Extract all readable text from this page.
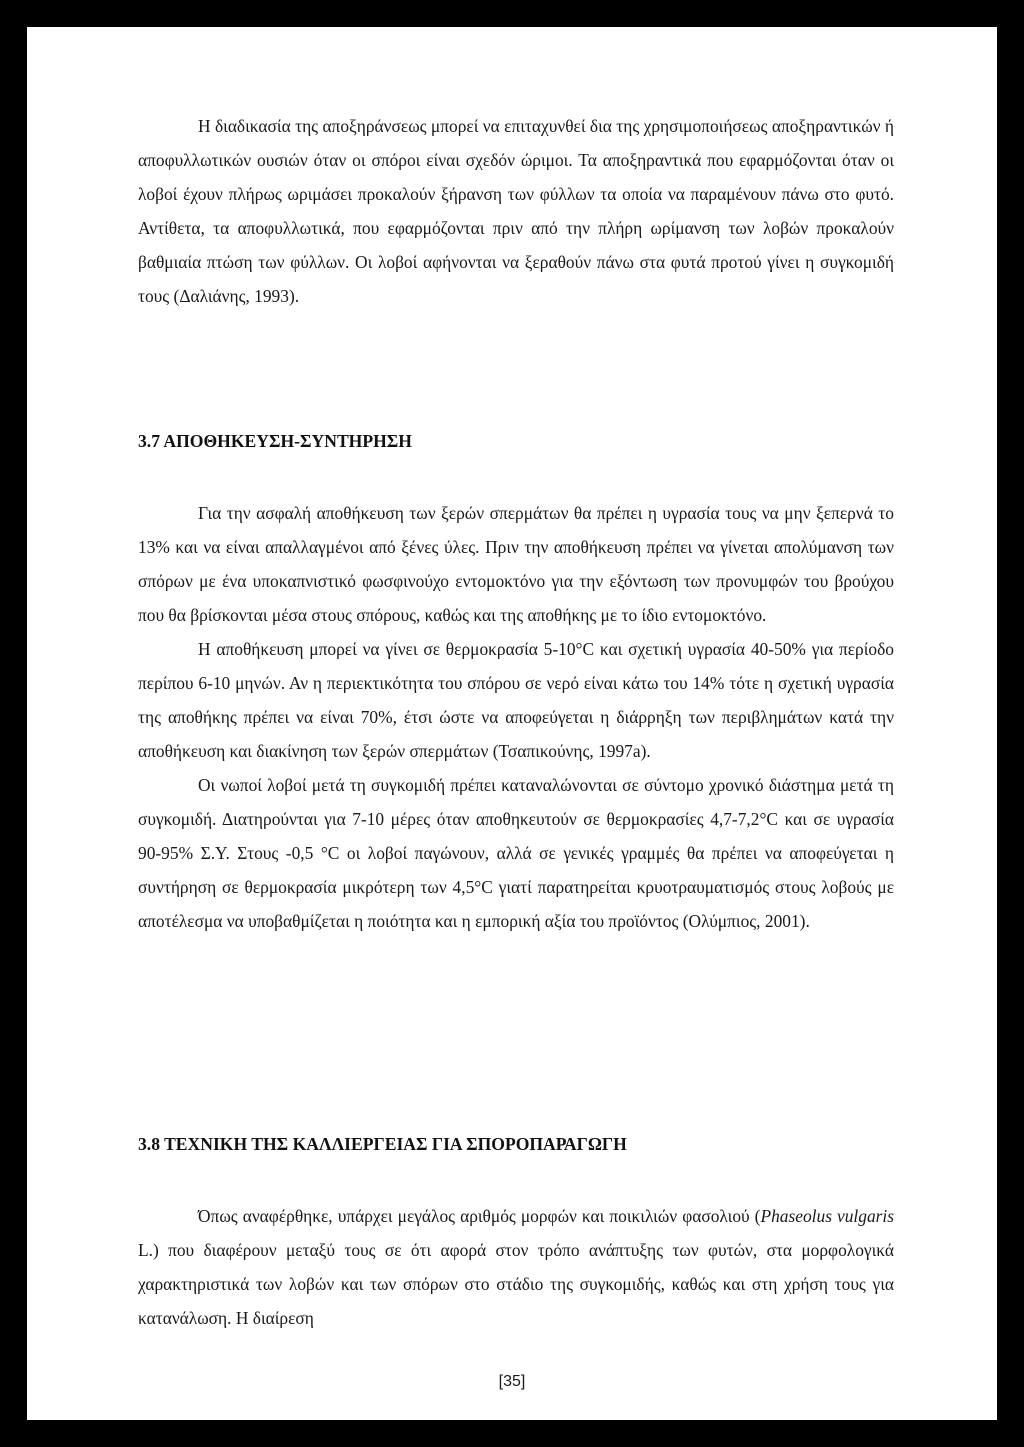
Η διαδικασία της αποξηράνσεως μπορεί να επιταχυνθεί δια της χρησιμοποιήσεως αποξηραντικών ή αποφυλλωτικών ουσιών όταν οι σπόροι είναι σχεδόν ώριμοι. Τα αποξηραντικά που εφαρμόζονται όταν οι λοβοί έχουν πλήρως ωριμάσει προκαλούν ξήρανση των φύλλων τα οποία να παραμένουν πάνω στο φυτό. Αντίθετα, τα αποφυλλωτικά, που εφαρμόζονται πριν από την πλήρη ωρίμανση των λοβών προκαλούν βαθμιαία πτώση των φύλλων. Οι λοβοί αφήνονται να ξεραθούν πάνω στα φυτά προτού γίνει η συγκομιδή τους (Δαλιάνης, 1993).

3.7 ΑΠΟΘΗΚΕΥΣΗ-ΣΥΝΤΗΡΗΣΗ

Για την ασφαλή αποθήκευση των ξερών σπερμάτων θα πρέπει η υγρασία τους να μην ξεπερνά το 13% και να είναι απαλλαγμένοι από ξένες ύλες. Πριν την αποθήκευση πρέπει να γίνεται απολύμανση των σπόρων με ένα υποκαπνιστικό φωσφινούχο εντομοκτόνο για την εξόντωση των προνυμφών του βρούχου που θα βρίσκονται μέσα στους σπόρους, καθώς και της αποθήκης με το ίδιο εντομοκτόνο.

Η αποθήκευση μπορεί να γίνει σε θερμοκρασία 5-10°C και σχετική υγρασία 40-50% για περίοδο περίπου 6-10 μηνών. Αν η περιεκτικότητα του σπόρου σε νερό είναι κάτω του 14% τότε η σχετική υγρασία της αποθήκης πρέπει να είναι 70%, έτσι ώστε να αποφεύγεται η διάρρηξη των περιβλημάτων κατά την αποθήκευση και διακίνηση των ξερών σπερμάτων (Τσαπικούνης, 1997a).

Οι νωποί λοβοί μετά τη συγκομιδή πρέπει καταναλώνονται σε σύντομο χρονικό διάστημα μετά τη συγκομιδή. Διατηρούνται για 7-10 μέρες όταν αποθηκευτούν σε θερμοκρασίες 4,7-7,2°C και σε υγρασία 90-95% Σ.Υ. Στους -0,5 °C οι λοβοί παγώνουν, αλλά σε γενικές γραμμές θα πρέπει να αποφεύγεται η συντήρηση σε θερμοκρασία μικρότερη των 4,5°C γιατί παρατηρείται κρυοτραυματισμός στους λοβούς με αποτέλεσμα να υποβαθμίζεται η ποιότητα και η εμπορική αξία του προϊόντος (Ολύμπιος, 2001).

3.8 ΤΕΧΝΙΚΗ ΤΗΣ ΚΑΛΛΙΕΡΓΕΙΑΣ ΓΙΑ ΣΠΟΡΟΠΑΡΑΓΩΓΗ

Όπως αναφέρθηκε, υπάρχει μεγάλος αριθμός μορφών και ποικιλιών φασολιού (Phaseolus vulgaris L.) που διαφέρουν μεταξύ τους σε ότι αφορά στον τρόπο ανάπτυξης των φυτών, στα μορφολογικά χαρακτηριστικά των λοβών και των σπόρων στο στάδιο της συγκομιδής, καθώς και στη χρήση τους για κατανάλωση. Η διαίρεση

[35]
